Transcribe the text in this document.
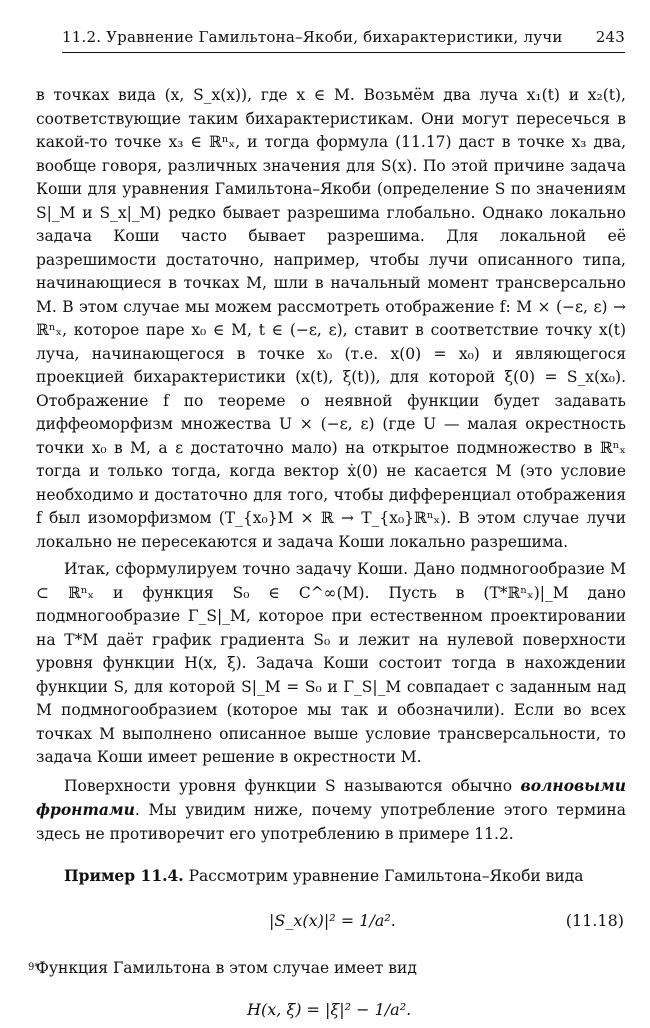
11.2. Уравнение Гамильтона–Якоби, бихарактеристики, лучи 243

в точках вида (x, S_x(x)), где x ∈ M. Возьмём два луча x₁(t) и x₂(t), соответствующие таким бихарактеристикам. Они могут пересечься в какой-то точке x₃ ∈ ℝⁿₓ, и тогда формула (11.17) даст в точке x₃ два, вообще говоря, различных значения для S(x). По этой причине задача Коши для уравнения Гамильтона–Якоби (определение S по значениям S|_M и S_x|_M) редко бывает разрешима глобально. Однако локально задача Коши часто бывает разрешима. Для локальной её разрешимости достаточно, например, чтобы лучи описанного типа, начинающиеся в точках M, шли в начальный момент трансверсально M. В этом случае мы можем рассмотреть отображение f: M × (−ε, ε) → ℝⁿₓ, которое паре x₀ ∈ M, t ∈ (−ε, ε), ставит в соответствие точку x(t) луча, начинающегося в точке x₀ (т.е. x(0) = x₀) и являющегося проекцией бихарактеристики (x(t), ξ(t)), для которой ξ(0) = S_x(x₀). Отображение f по теореме о неявной функции будет задавать диффеоморфизм множества U × (−ε, ε) (где U — малая окрестность точки x₀ в M, а ε достаточно мало) на открытое подмножество в ℝⁿₓ тогда и только тогда, когда вектор ẋ(0) не касается M (это условие необходимо и достаточно для того, чтобы дифференциал отображения f был изоморфизмом (T_{x₀}M × ℝ → T_{x₀}ℝⁿₓ). В этом случае лучи локально не пересекаются и задача Коши локально разрешима.

Итак, сформулируем точно задачу Коши. Дано подмногообразие M ⊂ ℝⁿₓ и функция S₀ ∈ C^∞(M). Пусть в (T*ℝⁿₓ)|_M дано подмногообразие Γ_S|_M, которое при естественном проектировании на T*M даёт график градиента S₀ и лежит на нулевой поверхности уровня функции H(x, ξ). Задача Коши состоит тогда в нахождении функции S, для которой S|_M = S₀ и Γ_S|_M совпадает с заданным над M подмногообразием (которое мы так и обозначили). Если во всех точках M выполнено описанное выше условие трансверсальности, то задача Коши имеет решение в окрестности M.

Поверхности уровня функции S называются обычно волновыми фронтами. Мы увидим ниже, почему употребление этого термина здесь не противоречит его употреблению в примере 11.2.

Пример 11.4. Рассмотрим уравнение Гамильтона–Якоби вида

|S_x(x)|² = 1/a².	(11.18)

Функция Гамильтона в этом случае имеет вид

H(x, ξ) = |ξ|² − 1/a².
9*
